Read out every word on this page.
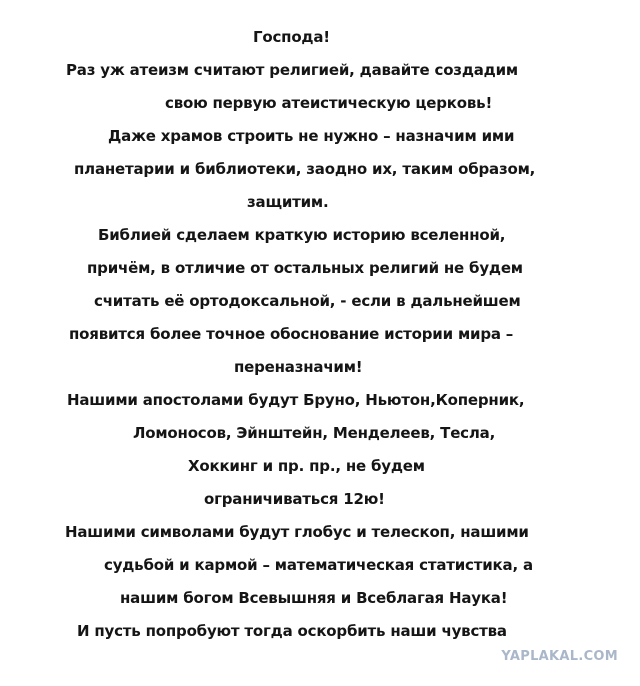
Господа!
Раз уж атеизм считают религией, давайте создадим
свою первую атеистическую церковь!
Даже храмов строить не нужно – назначим ими
планетарии и библиотеки, заодно их, таким образом,
защитим.
Библией сделаем краткую историю вселенной,
причём, в отличие от остальных религий не будем
считать её ортодоксальной, - если в дальнейшем
появится более точное обоснование истории мира –
переназначим!
Нашими апостолами будут Бруно, Ньютон,Коперник,
Ломоносов, Эйнштейн, Менделеев, Тесла,
Хоккинг и пр. пр., не будем
ограничиваться 12ю!
Нашими символами будут глобус и телескоп, нашими
судьбой и кармой – математическая статистика, а
нашим богом Всевышняя и Всеблагая Наука!
И пусть попробуют тогда оскорбить наши чувства
YAPLAKAL.COM
